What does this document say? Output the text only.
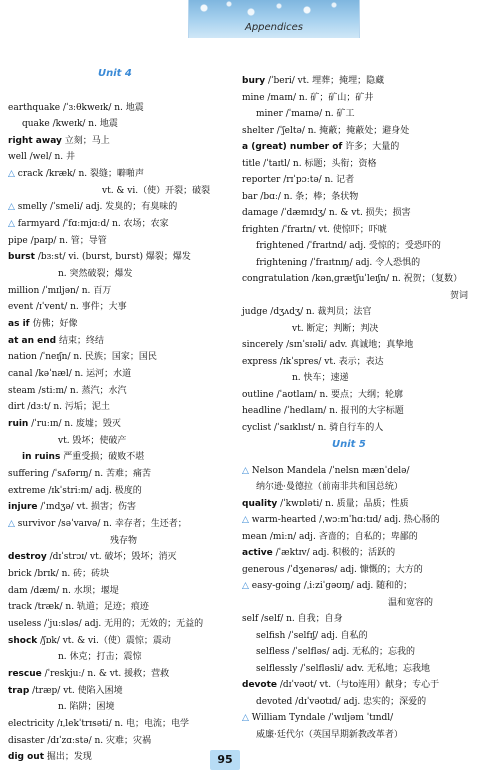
Appendices
Unit 4
earthquake /ˈɜːθkweɪk/ n. 地震
quake /kweɪk/ n. 地震
right away 立刻；马上
well /wel/ n. 井
△ crack /kræk/ n. 裂缝；噼啪声
vt. & vi.（使）开裂；破裂
△ smelly /ˈsmeli/ adj. 发臭的；有臭味的
△ farmyard /ˈfɑːmjɑːd/ n. 农场；农家
pipe /paɪp/ n. 管；导管
burst /bɜːst/ vi. (burst, burst) 爆裂；爆发
n. 突然破裂；爆发
million /ˈmɪljən/ n. 百万
event /ɪˈvent/ n. 事件；大事
as if 仿佛；好像
at an end 结束；终结
nation /ˈneɪʃn/ n. 民族；国家；国民
canal /kəˈnæl/ n. 运河；水道
steam /stiːm/ n. 蒸汽；水汽
dirt /dɜːt/ n. 污垢；泥土
ruin /ˈruːɪn/ n. 废墟；毁灭
vt. 毁坏；使破产
in ruins 严重受损；破败不堪
suffering /ˈsʌfərɪŋ/ n. 苦难；痛苦
extreme /ɪkˈstriːm/ adj. 极度的
injure /ˈɪndʒə/ vt. 损害；伤害
△ survivor /səˈvaɪvə/ n. 幸存者；生还者；
残存物
destroy /dɪˈstrɔɪ/ vt. 破坏；毁坏；消灭
brick /brɪk/ n. 砖；砖块
dam /dæm/ n. 水坝；堰堤
track /træk/ n. 轨道；足迹；痕迹
useless /ˈjuːsləs/ adj. 无用的；无效的；无益的
shock /ʃɒk/ vt. & vi.（使）震惊；震动
n. 休克；打击；震惊
rescue /ˈreskjuː/ n. & vt. 援救；营救
trap /træp/ vt. 使陷入困境
n. 陷阱；困境
electricity /ɪˌlekˈtrɪsəti/ n. 电；电流；电学
disaster /dɪˈzɑːstə/ n. 灾难；灾祸
dig out 掘出；发现
bury /ˈberi/ vt. 埋葬；掩埋；隐藏
mine /maɪn/ n. 矿；矿山；矿井
miner /ˈmaɪnə/ n. 矿工
shelter /ˈʃeltə/ n. 掩蔽；掩蔽处；避身处
a (great) number of 许多；大量的
title /ˈtaɪtl/ n. 标题；头衔；资格
reporter /rɪˈpɔːtə/ n. 记者
bar /bɑː/ n. 条；棒；条状物
damage /ˈdæmɪdʒ/ n. & vt. 损失；损害
frighten /ˈfraɪtn/ vt. 使惊吓；吓唬
frightened /ˈfraɪtnd/ adj. 受惊的；受恐吓的
frightening /ˈfraɪtnɪŋ/ adj. 令人恐惧的
congratulation /kənˌɡrætʃuˈleɪʃn/ n. 祝贺；（复数）
贺词
judge /dʒʌdʒ/ n. 裁判员；法官
vt. 断定；判断；判决
sincerely /sɪnˈsɪəli/ adv. 真诚地；真挚地
express /ɪkˈspres/ vt. 表示；表达
n. 快车；速递
outline /ˈaʊtlaɪn/ n. 要点；大纲；轮廓
headline /ˈhedlaɪn/ n. 报刊的大字标题
cyclist /ˈsaɪklɪst/ n. 骑自行车的人
Unit 5
△ Nelson Mandela /ˈnelsn mænˈdelə/
纳尔逊·曼德拉（前南非共和国总统）
quality /ˈkwɒləti/ n. 质量；品质；性质
△ warm-hearted /ˌwɔːmˈhɑːtɪd/ adj. 热心肠的
mean /miːn/ adj. 吝啬的；自私的；卑鄙的
active /ˈæktɪv/ adj. 积极的；活跃的
generous /ˈdʒenərəs/ adj. 慷慨的；大方的
△ easy-going /ˌiːziˈɡəʊɪŋ/ adj. 随和的；
温和宽容的
self /self/ n. 自我；自身
selfish /ˈselfɪʃ/ adj. 自私的
selfless /ˈselfləs/ adj. 无私的；忘我的
selflessly /ˈselfləsli/ adv. 无私地；忘我地
devote /dɪˈvəʊt/ vt.（与to连用）献身；专心于
devoted /dɪˈvəʊtɪd/ adj. 忠实的；深爱的
△ William Tyndale /ˈwɪljəm ˈtɪndl/
威廉·廷代尔（英国早期新教改革者）
95
